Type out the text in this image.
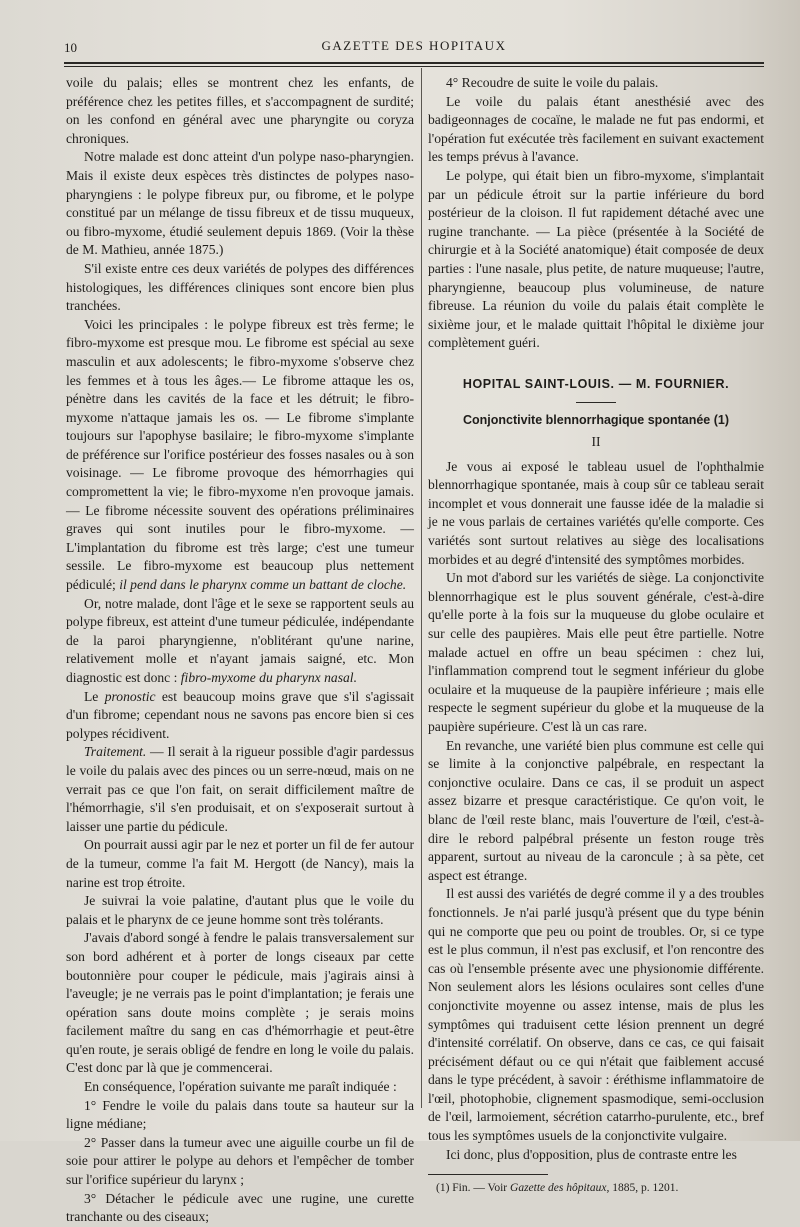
10	GAZETTE DES HOPITAUX

voile du palais; elles se montrent chez les enfants, de préférence chez les petites filles, et s'accompagnent de surdité; on les confond en général avec une pharyngite ou coryza chroniques.

Notre malade est donc atteint d'un polype naso-pharyngien. Mais il existe deux espèces très distinctes de polypes naso-pharyngiens : le polype fibreux pur, ou fibrome, et le polype constitué par un mélange de tissu fibreux et de tissu muqueux, ou fibro-myxome, étudié seulement depuis 1869. (Voir la thèse de M. Mathieu, année 1875.)

S'il existe entre ces deux variétés de polypes des différences histologiques, les différences cliniques sont encore bien plus tranchées.

Voici les principales : le polype fibreux est très ferme; le fibro-myxome est presque mou. Le fibrome est spécial au sexe masculin et aux adolescents; le fibro-myxome s'observe chez les femmes et à tous les âges.— Le fibrome attaque les os, pénètre dans les cavités de la face et les détruit; le fibro-myxome n'attaque jamais les os. — Le fibrome s'implante toujours sur l'apophyse basilaire; le fibro-myxome s'implante de préférence sur l'orifice postérieur des fosses nasales ou à son voisinage. — Le fibrome provoque des hémorrhagies qui compromettent la vie; le fibro-myxome n'en provoque jamais. — Le fibrome nécessite souvent des opérations préliminaires graves qui sont inutiles pour le fibro-myxome. —L'implantation du fibrome est très large; c'est une tumeur sessile. Le fibro-myxome est beaucoup plus nettement pédiculé; il pend dans le pharynx comme un battant de cloche.

Or, notre malade, dont l'âge et le sexe se rapportent seuls au polype fibreux, est atteint d'une tumeur pédiculée, indépendante de la paroi pharyngienne, n'oblitérant qu'une narine, relativement molle et n'ayant jamais saigné, etc. Mon diagnostic est donc : fibro-myxome du pharynx nasal.

Le pronostic est beaucoup moins grave que s'il s'agissait d'un fibrome; cependant nous ne savons pas encore bien si ces polypes récidivent.

Traitement. — Il serait à la rigueur possible d'agir pardessus le voile du palais avec des pinces ou un serre-nœud, mais on ne verrait pas ce que l'on fait, on serait difficilement maître de l'hémorrhagie, s'il s'en produisait, et on s'exposerait surtout à laisser une partie du pédicule.

On pourrait aussi agir par le nez et porter un fil de fer autour de la tumeur, comme l'a fait M. Hergott (de Nancy), mais la narine est trop étroite.

Je suivrai la voie palatine, d'autant plus que le voile du palais et le pharynx de ce jeune homme sont très tolérants.

J'avais d'abord songé à fendre le palais transversalement sur son bord adhérent et à porter de longs ciseaux par cette boutonnière pour couper le pédicule, mais j'agirais ainsi à l'aveugle; je ne verrais pas le point d'implantation; je ferais une opération sans doute moins complète ; je serais moins facilement maître du sang en cas d'hémorrhagie et peut-être qu'en route, je serais obligé de fendre en long le voile du palais. C'est donc par là que je commencerai.

En conséquence, l'opération suivante me paraît indiquée :

1° Fendre le voile du palais dans toute sa hauteur sur la ligne médiane;

2° Passer dans la tumeur avec une aiguille courbe un fil de soie pour attirer le polype au dehors et l'empêcher de tomber sur l'orifice supérieur du larynx ;

3° Détacher le pédicule avec une rugine, une curette tranchante ou des ciseaux;

4° Recoudre de suite le voile du palais.

Le voile du palais étant anesthésié avec des badigeonnages de cocaïne, le malade ne fut pas endormi, et l'opération fut exécutée très facilement en suivant exactement les temps prévus à l'avance.

Le polype, qui était bien un fibro-myxome, s'implantait par un pédicule étroit sur la partie inférieure du bord postérieur de la cloison. Il fut rapidement détaché avec une rugine tranchante. — La pièce (présentée à la Société de chirurgie et à la Société anatomique) était composée de deux parties : l'une nasale, plus petite, de nature muqueuse; l'autre, pharyngienne, beaucoup plus volumineuse, de nature fibreuse. La réunion du voile du palais était complète le sixième jour, et le malade quittait l'hôpital le dixième jour complètement guéri.

HOPITAL SAINT-LOUIS. — M. FOURNIER.

Conjonctivite blennorrhagique spontanée (1)

II

Je vous ai exposé le tableau usuel de l'ophthalmie blennorrhagique spontanée, mais à coup sûr ce tableau serait incomplet et vous donnerait une fausse idée de la maladie si je ne vous parlais de certaines variétés qu'elle comporte. Ces variétés sont surtout relatives au siège des localisations morbides et au degré d'intensité des symptômes morbides.

Un mot d'abord sur les variétés de siège. La conjonctivite blennorrhagique est le plus souvent générale, c'est-à-dire qu'elle porte à la fois sur la muqueuse du globe oculaire et sur celle des paupières. Mais elle peut être partielle. Notre malade actuel en offre un beau spécimen : chez lui, l'inflammation comprend tout le segment inférieur du globe oculaire et la muqueuse de la paupière inférieure ; mais elle respecte le segment supérieur du globe et la muqueuse de la paupière supérieure. C'est là un cas rare.

En revanche, une variété bien plus commune est celle qui se limite à la conjonctive palpébrale, en respectant la conjonctive oculaire. Dans ce cas, il se produit un aspect assez bizarre et presque caractéristique. Ce qu'on voit, le blanc de l'œil reste blanc, mais l'ouverture de l'œil, c'est-à-dire le rebord palpébral présente un feston rouge très apparent, surtout au niveau de la caroncule ; à sa pète, cet aspect est étrange.

Il est aussi des variétés de degré comme il y a des troubles fonctionnels. Je n'ai parlé jusqu'à présent que du type bénin qui ne comporte que peu ou point de troubles. Or, si ce type est le plus commun, il n'est pas exclusif, et l'on rencontre des cas où l'ensemble présente avec une physionomie différente. Non seulement alors les lésions oculaires sont celles d'une conjonctivite moyenne ou assez intense, mais de plus les symptômes qui traduisent cette lésion prennent un degré d'intensité corrélatif. On observe, dans ce cas, ce qui faisait précisément défaut ou ce qui n'était que faiblement accusé dans le type précédent, à savoir : éréthisme inflammatoire de l'œil, photophobie, clignement spasmodique, semi-occlusion de l'œil, larmoiement, sécrétion catarrho-purulente, etc., bref tous les symptômes usuels de la conjonctivite vulgaire.

Ici donc, plus d'opposition, plus de contraste entre les

(1) Fin. — Voir Gazette des hôpitaux, 1885, p. 1201.
